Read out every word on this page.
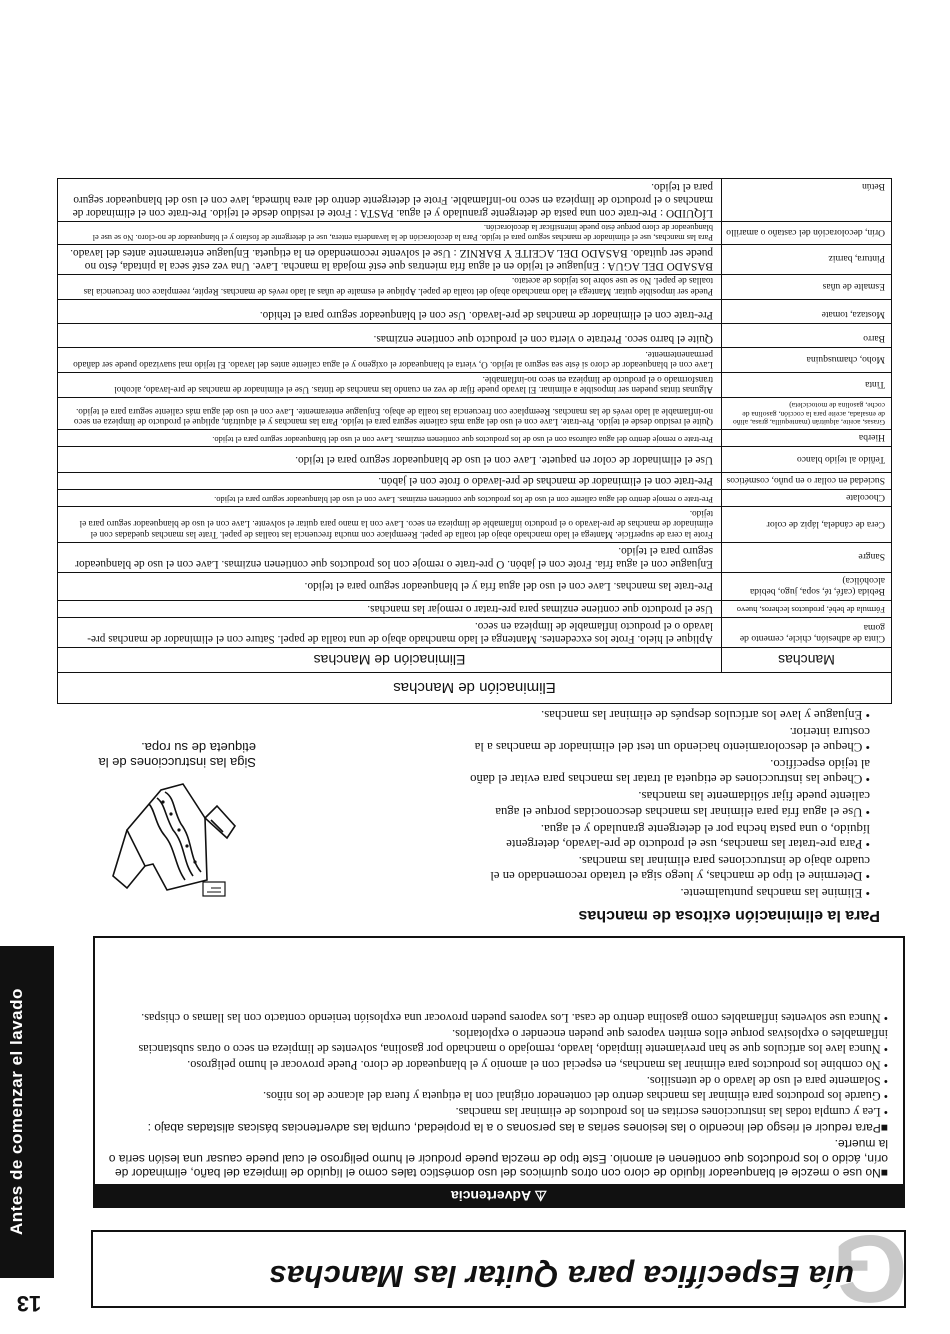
13
Antes de comenzar el lavado
G
uía Específica para Quitar las Manchas
⚠ Advertencia

■No use o mezcle el blanqueador líquido de cloro con otros químicos del uso doméstico tales como el líquido de limpieza del baño, eliminador de orín, ácido o los productos que contienen el amonio. Este tipo de mezcla puede producir el humo peligroso el cual puede causar una lesión seria o la muerte.

■Para reducir el riesgo del incendio o las lesiones serias a las personas o a la propiedad, cumpla las advertencias básicas alistadas abajo :

• Lea y cumpla todas las instrucciones escritas en los productos de eliminar las manchas.

• Guarde los productos para eliminar las manchas dentro del contenedor original con la etiqueta y fuera del alcance de los niños.

• Solamente para el uso de lavado o de utensilios.

• No combine los productos para eliminar las manchas, en especial con el amonio y el blanqueador de cloro. Puede provocar el humo peligroso.

• Nunca lave los artículos que se han previamente limpiado, lavado, remojado o manchado por gasolina, solventes de limpieza en seco o otras substancias inflamables o explosivas porque ellos emiten vapores que pueden encender o explotarlos.

• Nunca use solventes inflamables como gasolina dentro de casa. Los vapores pueden provocar una explosión teniendo contacto con las llamas o chispas.

Para la eliminación exitosa de manchas

• Elimine las manchas puntualmente.

• Determine el tipo de manchas, y luego siga el tratado recomendado en el cuadro abajo de instrucciones para eliminar las manchas.

• Para pre-tratar las manchas, use el producto de pre-lavado, detergente líquido, o una pasta hecha por el detergente granulado y el agua.

• Use el agua fría para eliminar las manchas desconocidas porque el agua caliente puede fijar sólidamente las manchas.

• Cheque las instrucciones de etiqueta al tratar las manchas para evitar el daño al tejido específico.

• Cheque el descoloramiento haciendo un test del eliminador de manchas a la costura interior.

• Enjuague y lave los artículos después de eliminar las manchas.

Siga las instrucciones de la etiqueta de su ropa.
Eliminación de Manchas	
Manchas	Eliminación de Manchas
Cinta de adhesión, chicle, cemento de goma	Aplique el hielo. Frote los excedentes. Mantenga el lado manchado abajo de una toalla de papel. Sature con el eliminador de manchas pre-lavado o el producto inflamable de limpieza en seco.
Fórmula de bebé, productos lecheros, huevo	Use el producto que contiene enzimas para pre-tratar o remojar las manchas.
Bebida (café, té, sopa, jugo, bebida alcohólica)	Pre-trate las manchas. Lave con el uso del agua fría y el blanqueador seguro para el tejido.
Sangre	Enjuague con el agua fría. Frote con el jabón. O pre-trate o remoje con los productos que contienen enzimas. Lave con el uso de blanqueador seguro para el tejido.
Cera de cándela, lápiz de color	Frote la cera de superficie. Mantega el lado manchado abajo del toalla de papel. Reemplace con mucha frecuencia las toallas de papel. Trate las manchas quedadas con el eliminador de manchas de pre-lavado o el producto inflamable de limpieza en seco. Lave con la mano para quitar el solvente. Lave con el uso de blanqueador seguro para el tejido.
Chocolate	Pre-trate o remoje dentro del agua caliente con el uso de los productos que contienen enzimas. Lave con el uso del blanqueador seguro para el tejido.
Suciedad en collar o en puño, cosméticos	Pre-trate con el eliminador de manchas de pre-lavado o frote con el jabón.
Teñido al tejido blanco	Use el eliminador de color en paquete. Lave con el uso de blanqueador seguro para el tejido.
Hierba	Pre-trate o remoje dentro del agua calurosa con el uso de los productos que contienen enzimas. Lave con el uso del blanqueador seguro para el tejido.
Grasas, aceite, alquitrán (mantequilla, grasa, aliño de ensalada, aceite para la cocción, gasolina de coche, gasolina de motocicleta)	Quite el residuo desde el tejido. Pre-trate. Lave con el uso del agua más caliente segura para el tejido. Para las manchas y el alquitrán, aplique el producto de limpieza en seco no-inflamable al lado revés de las manchas. Reemplace con frecuencia las toalla de abajo. Enjuague enteramente. Lave con el uso del agua más caliente segura para el tejido.
Tinta	Algunas tintas pueden ser imposible a eliminar. El lavado puede fijar de vez en cuando las manchas de tintas. Use el eliminador de manchas de pre-lavado, alcohol transformado o el producto de limpieza en seco no-inflamable.
Moho, chamusquina	Lave con el blanqueador de cloro si éste sea seguro al tejido. O, vierta el blanqueador el oxígeno y el agua caliente antes del lavado. El tejido mal suavizado puede ser dañado permanentemente.
Barro	Quite el barro seco. Pretrate o vierta con el producto que contiene enzimas.
Mostaza, tomate	Pre-trate con el eliminador de manchas de pre-lavado. Use con el blanqueador seguro para el tehido.
Esmalte de uñas	Puede ser imposible quitar. Mantega el lado manchado abajo del toalla de papel. Aplique el esmalte de uñas al lado revés de manchas. Repite, reemplace con frecuencia las toallas de papel. No se use sobre los tejidos de acetato.
Pintura, barniz	BASADO DEL AGUA : Enjuague el tejido en el agua fría mientras que esté mojada la mancha. Lave. Una vez esté seca la pintada, ésto no puede ser quitado. BASADO DEL ACEITE Y BARNIZ : Use el solvente recomendado en la etiqueta. Enjuague enteramente antes del lavado.
Orín, decoloración del castaño o amarillo	Para las manchas, use el eliminador de manchas seguro para el tejido. Para la decoloración de la lavandería entera, use el detergente de fosfato y el blanqueador de no-cloro. No se use el blanqueador de cloro porque ésto puede intensificar la decoloración.
Betún	LÍQUIDO : Pre-trate con una pasta de detergente granulado y el agua. PASTA : Frote el residuo desde el tejido. Pre-trate con el eliminador de manchas o el producto de limpieza en seco no-inflamable. Frote el detergente dentro del area húmeda, lave con el uso del blanqueador seguro para el tejido.
